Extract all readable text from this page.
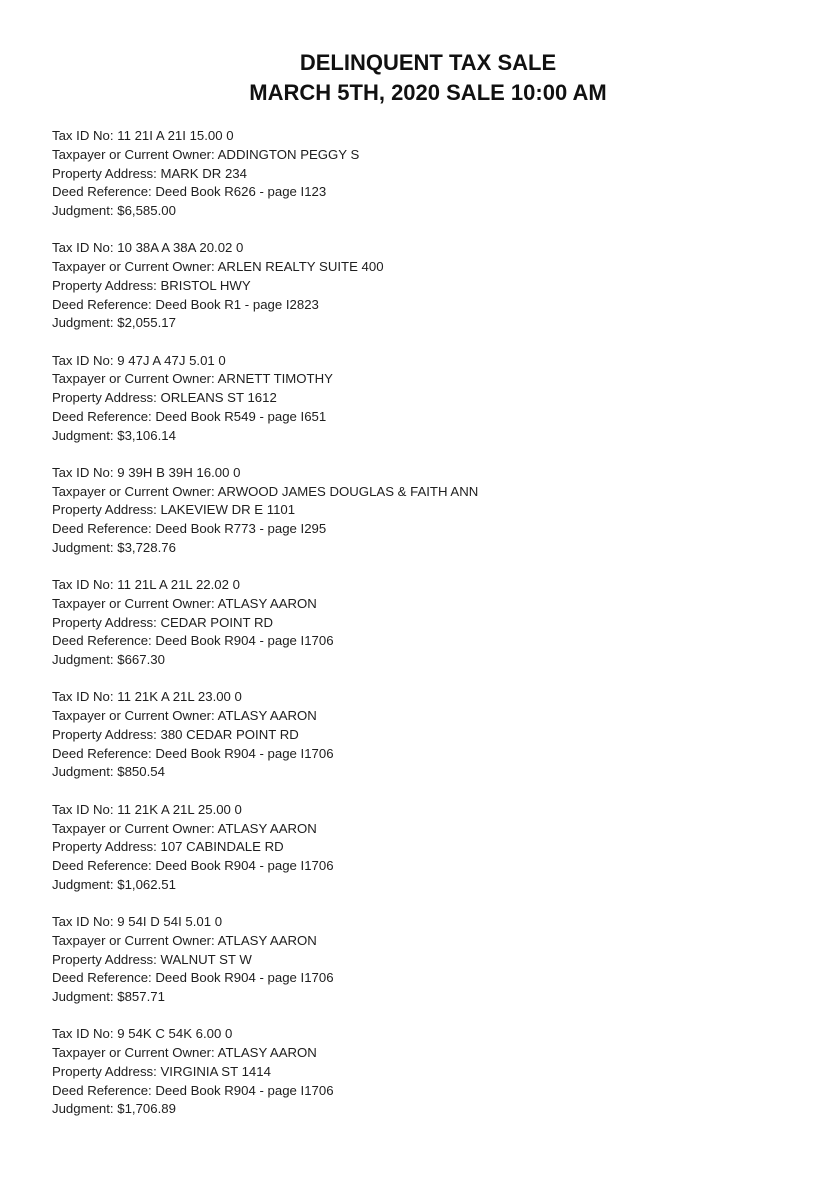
DELINQUENT TAX SALE
MARCH 5TH, 2020 SALE 10:00 AM
Tax ID No: 11 21I A 21I 15.00 0
Taxpayer or Current Owner: ADDINGTON PEGGY S
Property Address: MARK DR 234
Deed Reference: Deed Book R626 - page I123
Judgment: $6,585.00
Tax ID No: 10 38A A 38A 20.02 0
Taxpayer or Current Owner: ARLEN REALTY SUITE 400
Property Address: BRISTOL HWY
Deed Reference: Deed Book R1 - page I2823
Judgment: $2,055.17
Tax ID No: 9 47J A 47J 5.01 0
Taxpayer or Current Owner: ARNETT TIMOTHY
Property Address: ORLEANS ST 1612
Deed Reference: Deed Book R549 - page I651
Judgment: $3,106.14
Tax ID No: 9 39H B 39H 16.00 0
Taxpayer or Current Owner: ARWOOD JAMES DOUGLAS & FAITH ANN
Property Address: LAKEVIEW DR E 1101
Deed Reference: Deed Book R773 - page I295
Judgment: $3,728.76
Tax ID No: 11 21L A 21L 22.02 0
Taxpayer or Current Owner: ATLASY AARON
Property Address: CEDAR POINT RD
Deed Reference: Deed Book R904 - page I1706
Judgment: $667.30
Tax ID No: 11 21K A 21L 23.00 0
Taxpayer or Current Owner: ATLASY AARON
Property Address: 380 CEDAR POINT RD
Deed Reference: Deed Book R904 - page I1706
Judgment: $850.54
Tax ID No: 11 21K A 21L 25.00 0
Taxpayer or Current Owner: ATLASY AARON
Property Address: 107 CABINDALE RD
Deed Reference: Deed Book R904 - page I1706
Judgment: $1,062.51
Tax ID No: 9 54I D 54I 5.01 0
Taxpayer or Current Owner: ATLASY AARON
Property Address: WALNUT ST W
Deed Reference: Deed Book R904 - page I1706
Judgment: $857.71
Tax ID No: 9 54K C 54K 6.00 0
Taxpayer or Current Owner: ATLASY AARON
Property Address: VIRGINIA ST 1414
Deed Reference: Deed Book R904 - page I1706
Judgment: $1,706.89
